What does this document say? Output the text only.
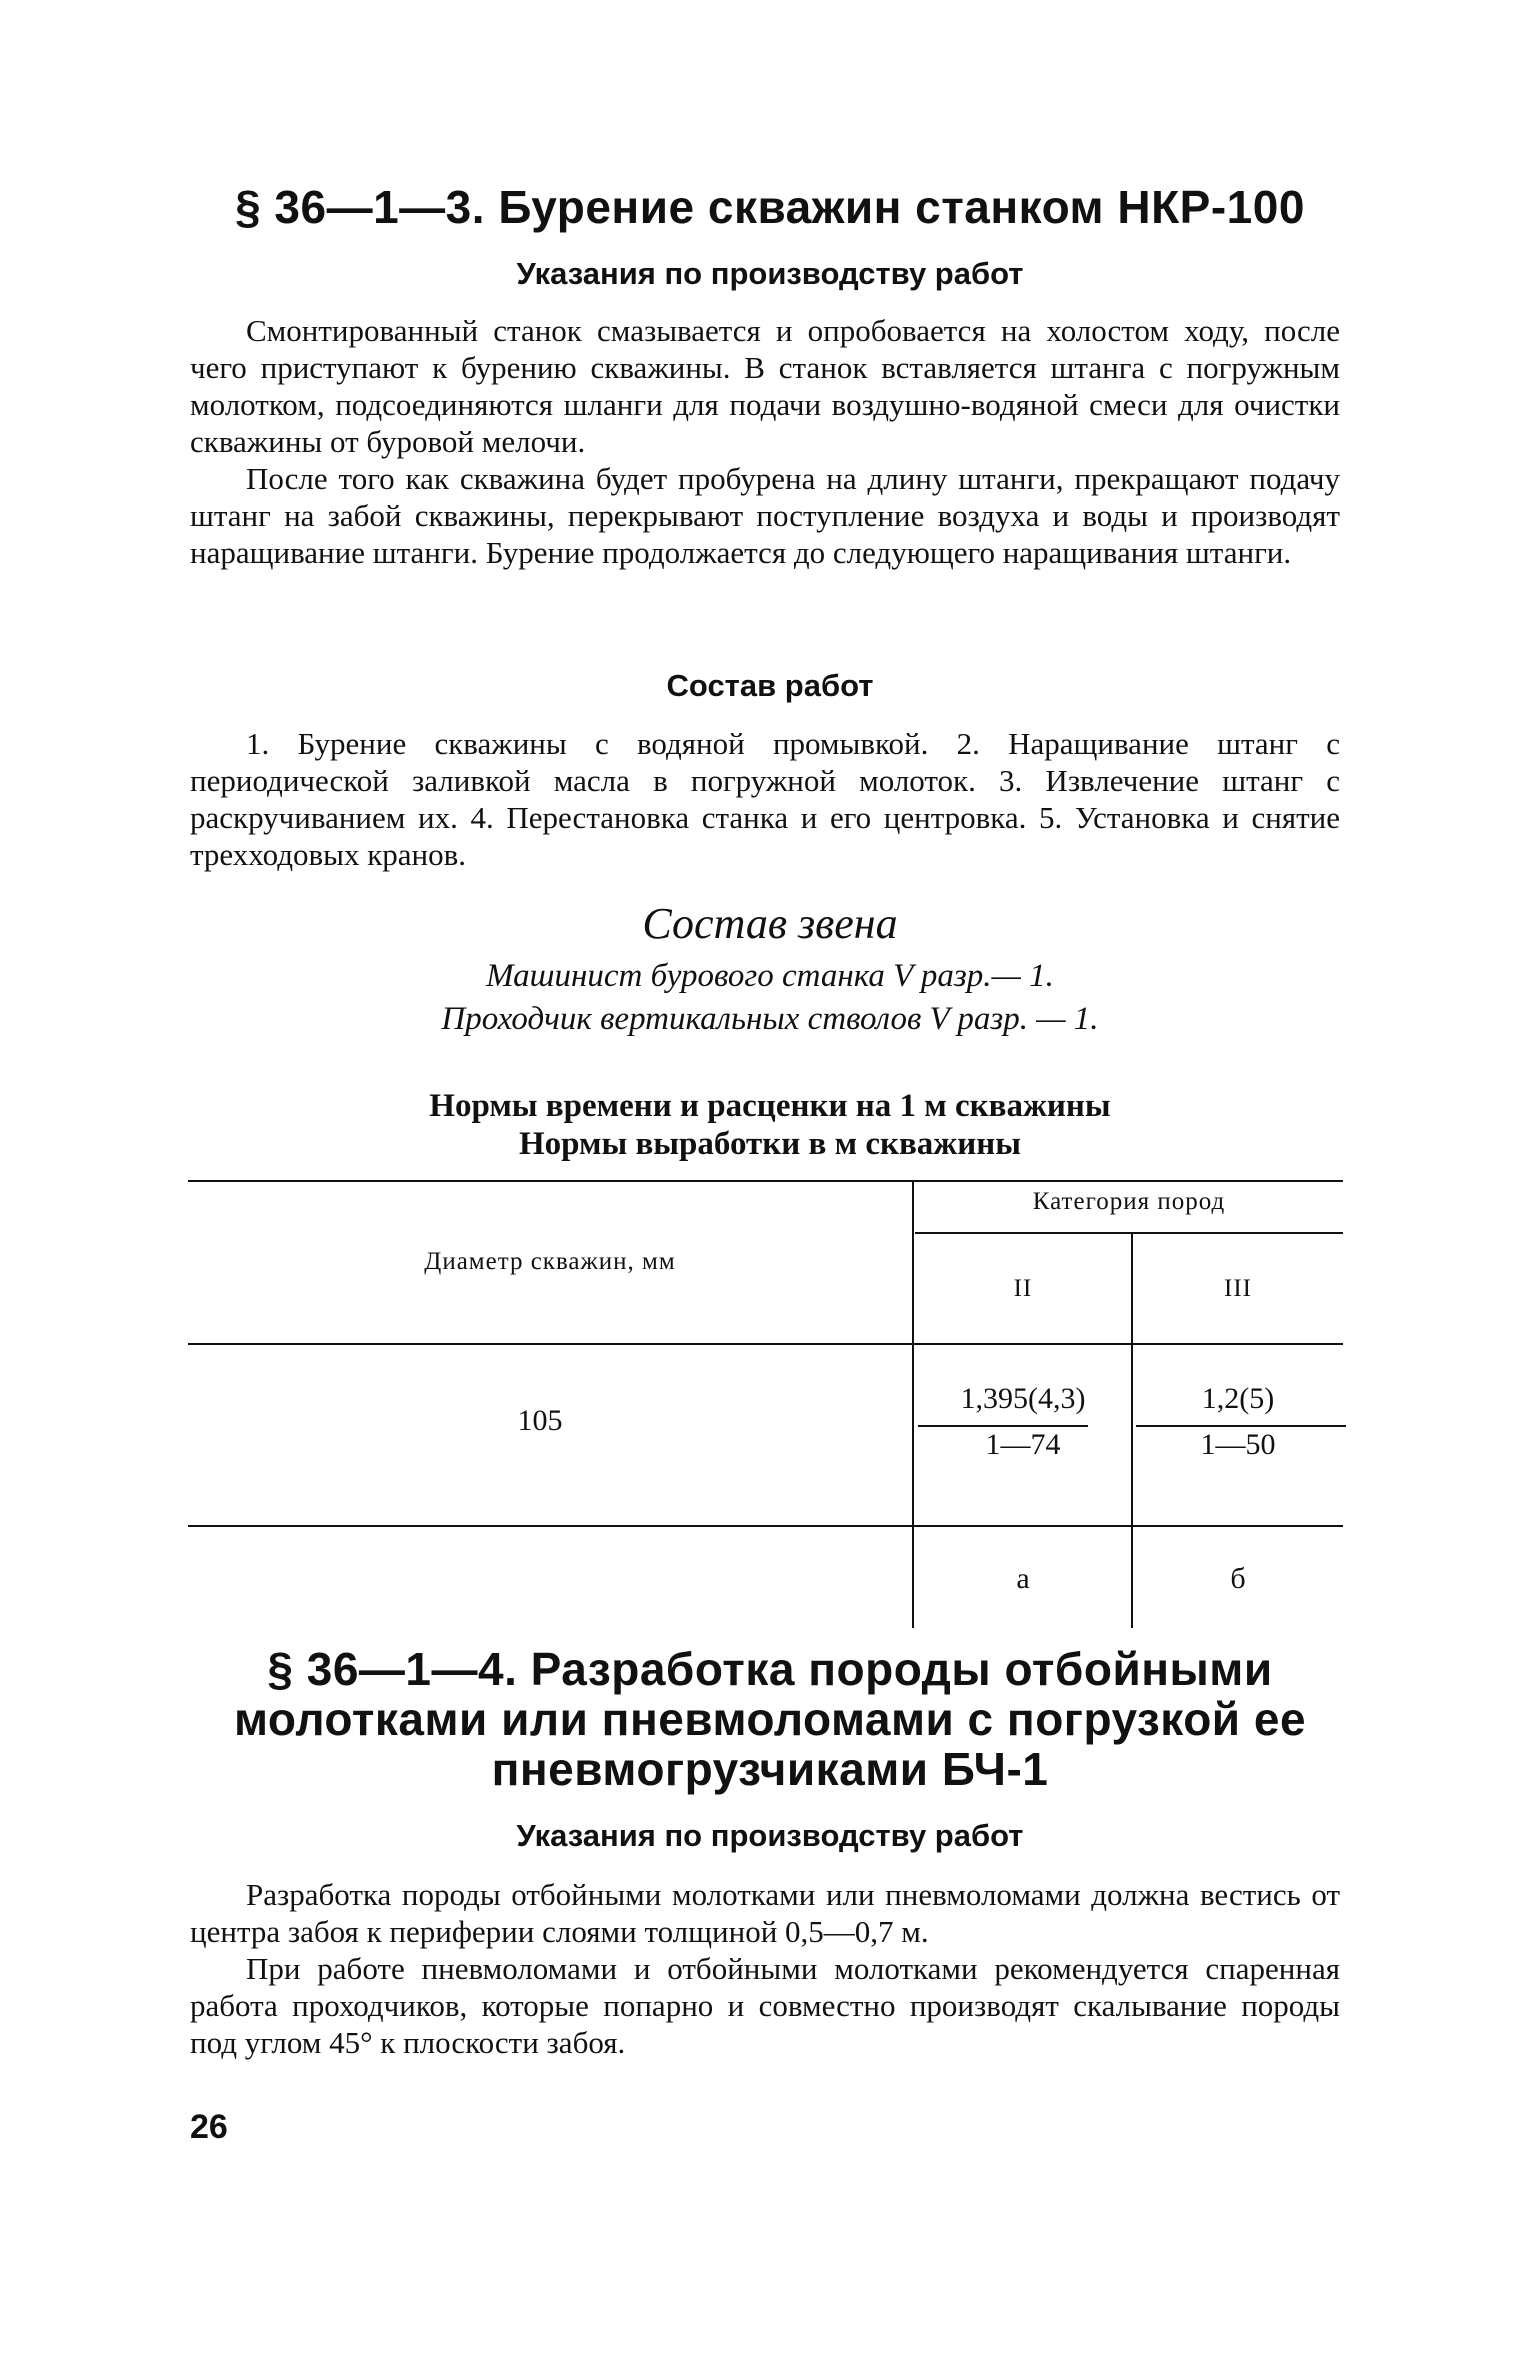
§ 36—1—3. Бурение скважин станком НКР-100
Указания по производству работ

Смонтированный станок смазывается и опробовается на холостом ходу, после чего приступают к бурению скважины. В станок вставляется штанга с погружным молотком, подсоединяются шланги для подачи воздушно-водяной смеси для очистки скважины от буровой мелочи.

После того как скважина будет пробурена на длину штанги, прекращают подачу штанг на забой скважины, перекрывают поступление воздуха и воды и производят наращивание штанги. Бурение продолжается до следующего наращивания штанги.

Состав работ

1. Бурение скважины с водяной промывкой. 2. Наращивание штанг с периодической заливкой масла в погружной молоток. 3. Извлечение штанг с раскручиванием их. 4. Перестановка станка и его центровка. 5. Установка и снятие трехходовых кранов.

Состав звена
Машинист бурового станка V разр.— 1.
Проходчик вертикальных стволов V разр. — 1.
Нормы времени и расценки на 1 м скважины
Нормы выработки в м скважины
Диаметр скважин, мм
Категория пород
II	III
105
1,395(4,3)
1—74
1,2(5)
1—50
а	б
§ 36—1—4. Разработка породы отбойными
молотками или пневмоломами с погрузкой ее
пневмогрузчиками БЧ-1
Указания по производству работ

Разработка породы отбойными молотками или пневмоломами должна вестись от центра забоя к периферии слоями толщиной 0,5—0,7 м.

При работе пневмоломами и отбойными молотками рекомендуется спаренная работа проходчиков, которые попарно и совместно производят скалывание породы под углом 45° к плоскости забоя.

26
